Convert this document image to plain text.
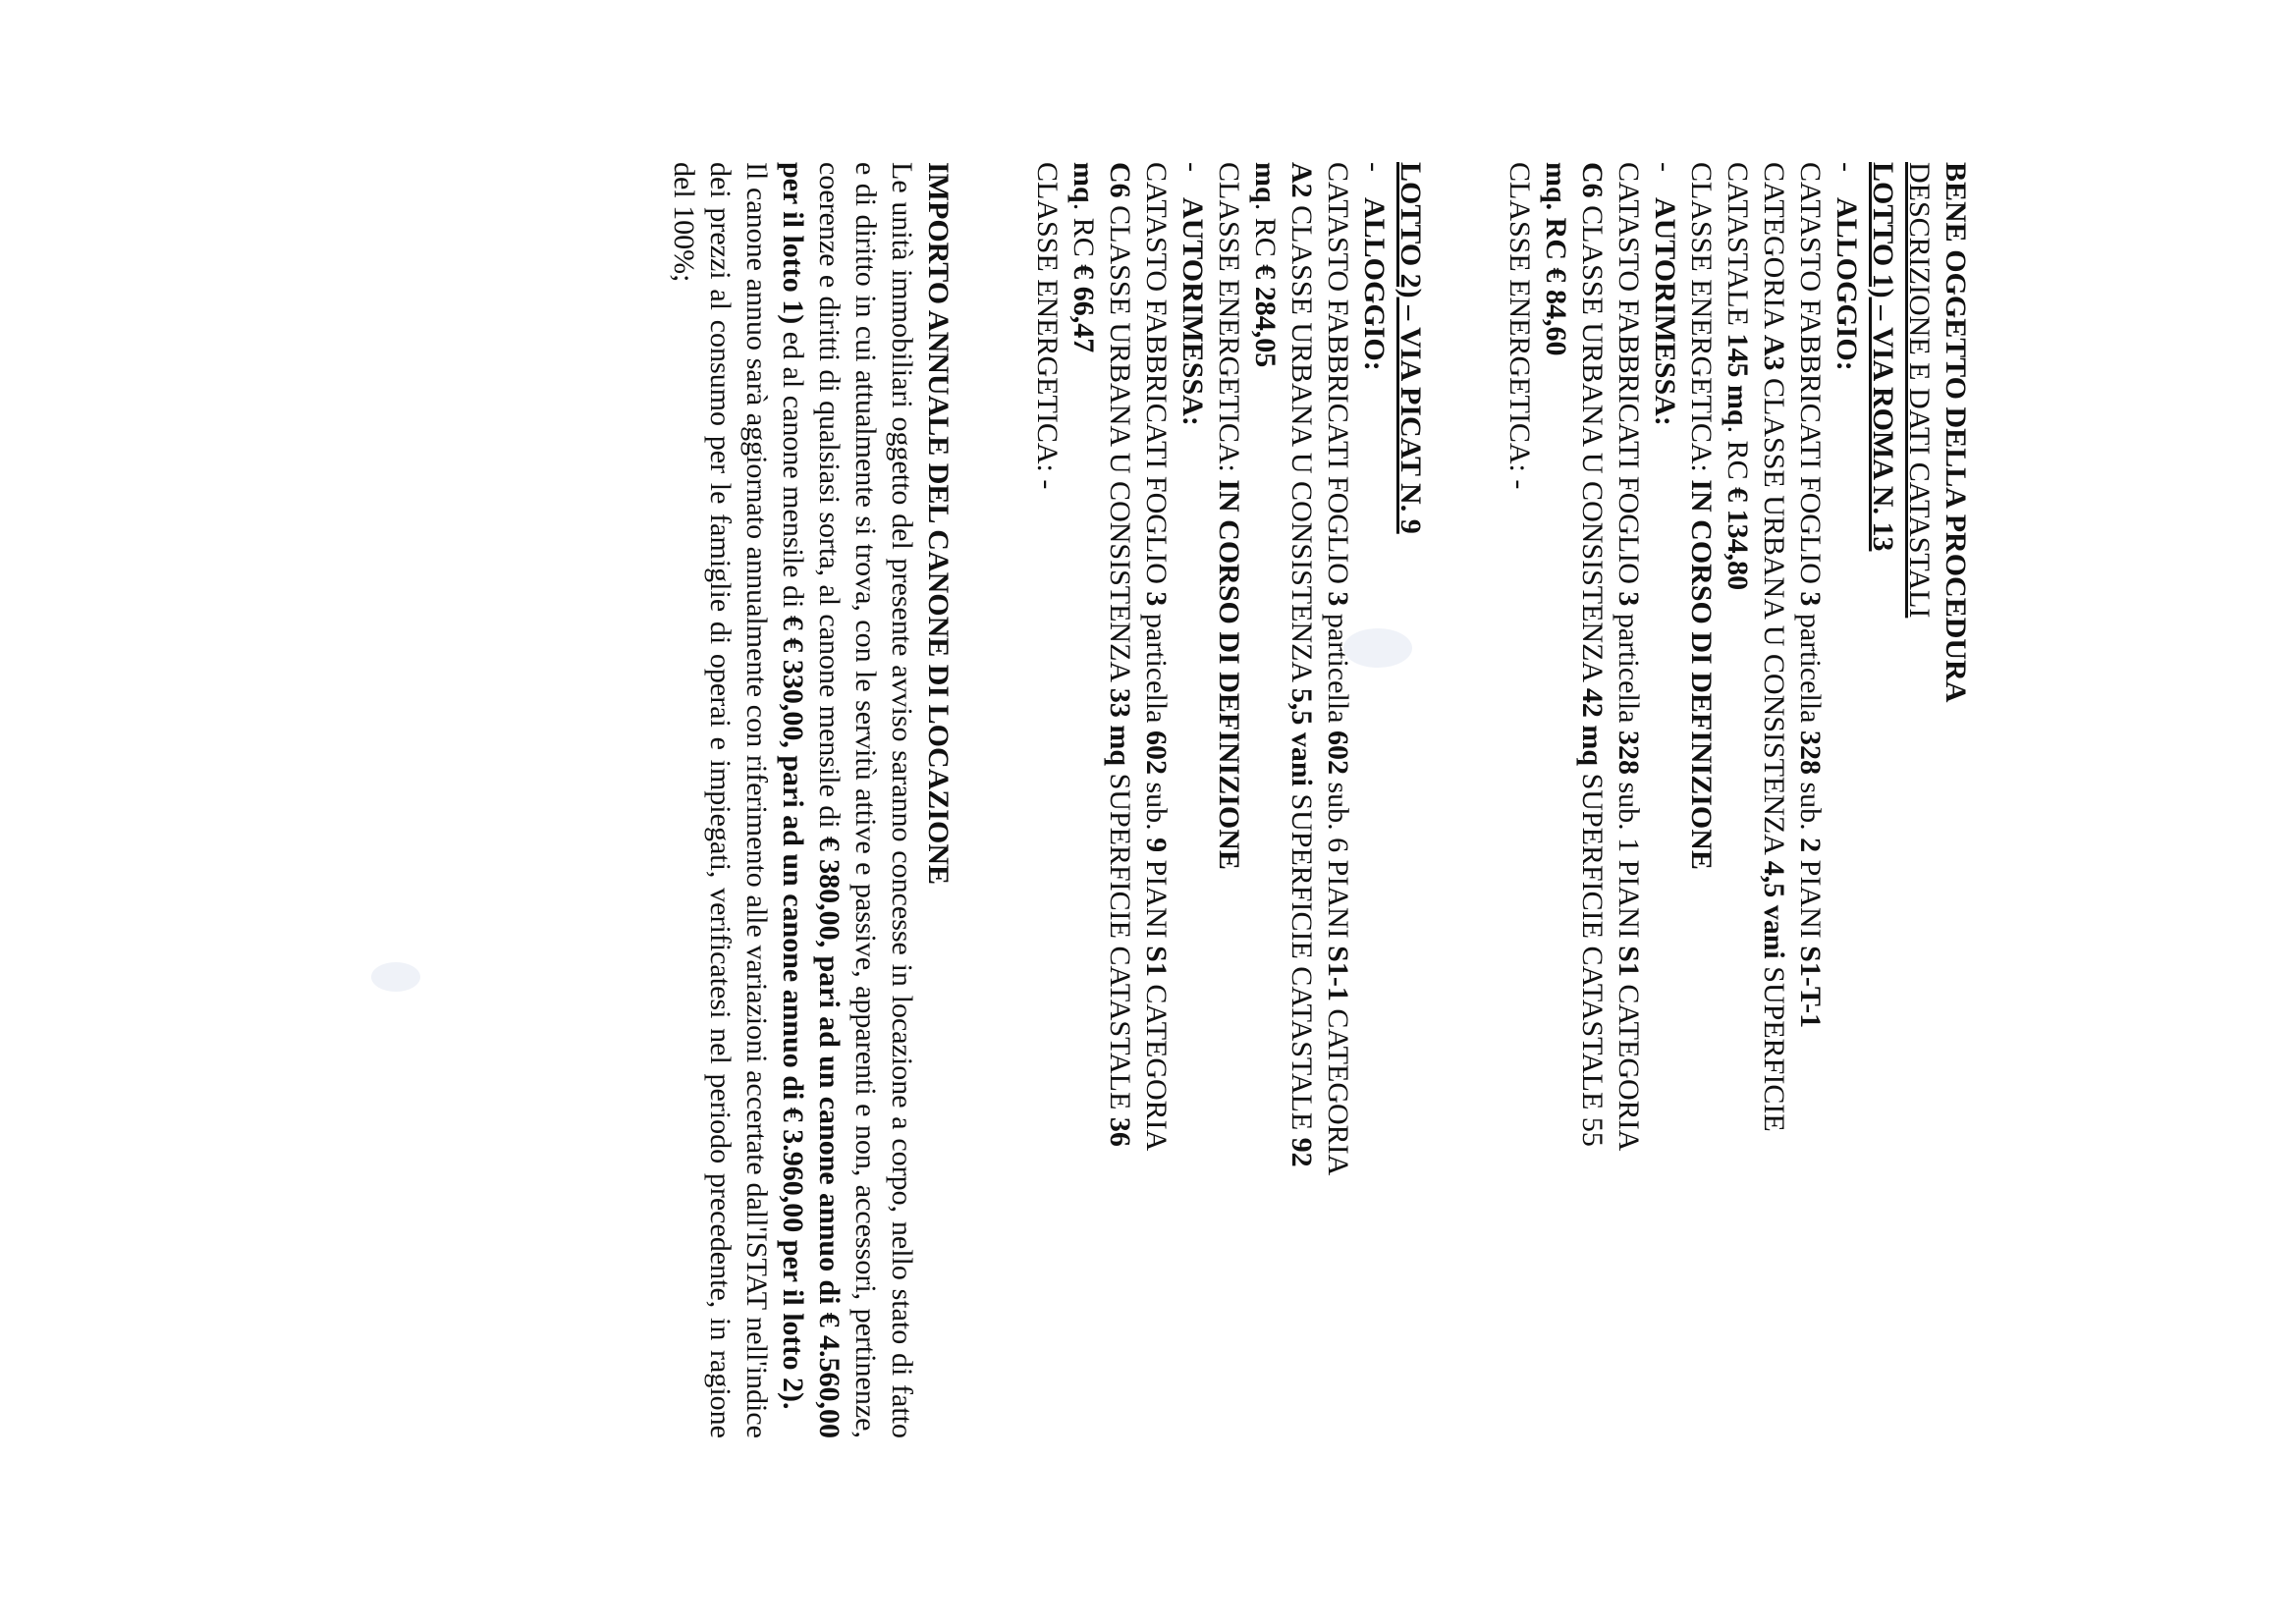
BENE OGGETTO DELLA PROCEDURA

DESCRIZIONE E DATI CATASTALI

LOTTO 1) – VIA ROMA N. 13

-ALLOGGIO:

CATASTO FABBRICATI FOGLIO 3 particella 328 sub. 2 PIANI S1-T-1

CATEGORIA A3 CLASSE URBANA U CONSISTENZA 4,5 vani SUPERFICIE

CATASTALE 145 mq. RC € 134,80

CLASSE ENERGETICA: IN CORSO DI DEFINIZIONE

-AUTORIMESSA:

CATASTO FABBRICATI FOGLIO 3 particella 328 sub. 1 PIANI S1 CATEGORIA

C6 CLASSE URBANA U CONSISTENZA 42 mq SUPERFICIE CATASTALE 55

mq. RC € 84,60

CLASSE ENERGETICA: -

LOTTO 2) – VIA PICAT N. 9

-ALLOGGIO:

CATASTO FABBRICATI FOGLIO 3 particella 602 sub. 6 PIANI S1-1 CATEGORIA

A2 CLASSE URBANA U CONSISTENZA 5,5 vani SUPERFICIE CATASTALE 92

mq. RC € 284,05

CLASSE ENERGETICA: IN CORSO DI DEFINIZIONE

-AUTORIMESSA:

CATASTO FABBRICATI FOGLIO 3 particella 602 sub. 9 PIANI S1 CATEGORIA

C6 CLASSE URBANA U CONSISTENZA 33 mq SUPERFICIE CATASTALE 36

mq. RC € 66,47

CLASSE ENERGETICA: -

IMPORTO ANNUALE DEL CANONE DI LOCAZIONE

Le unità immobiliari oggetto del presente avviso saranno concesse in locazione a corpo, nello stato di fatto e di diritto in cui attualmente si trova, con le servitù attive e passive, apparenti e non, accessori, pertinenze, coerenze e diritti di qualsiasi sorta, al canone mensile di € 380,00, pari ad un canone annuo di € 4.560,00 per il lotto 1) ed al canone mensile di € € 330,00, pari ad un canone annuo di € 3.960,00 per il lotto 2).

Il canone annuo sarà aggiornato annualmente con riferimento alle variazioni accertate dall'ISTAT nell'indice dei prezzi al consumo per le famiglie di operai e impiegati, verificatesi nel periodo precedente, in ragione del 100%;
